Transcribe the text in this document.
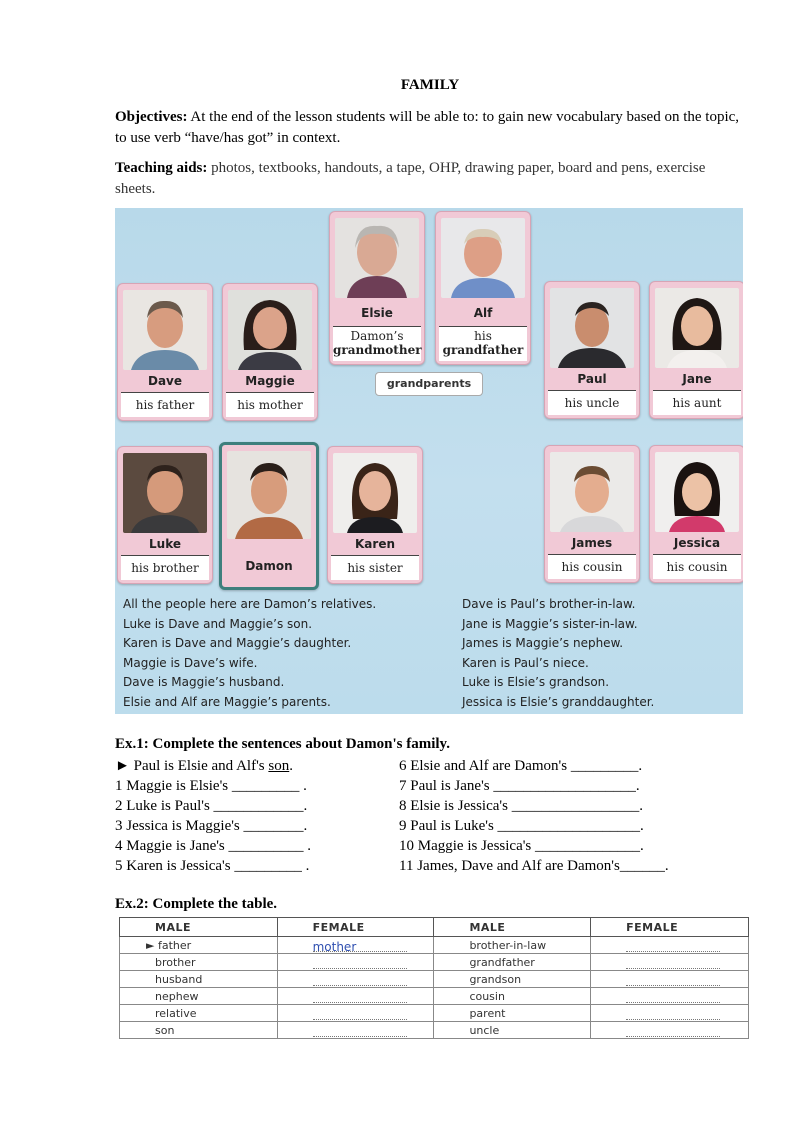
FAMILY
Objectives: At the end of the lesson students will be able to: to gain new vocabulary based on the topic, to use verb “have/has got” in context.
Teaching aids: photos, textbooks, handouts, a tape, OHP, drawing paper, board and pens, exercise sheets.
Elsie
Damon’s
grandmother
Alf
his
grandfather
grandparents
Dave
his father
Maggie
his mother
Paul
his uncle
Jane
his aunt
Luke
his brother	Damon
Karen
his sister
James
his cousin
Jessica
his cousin
All the people here are Damon’s relatives.
Luke is Dave and Maggie’s son.
Karen is Dave and Maggie’s daughter.
Maggie is Dave’s wife.
Dave is Maggie’s husband.
Elsie and Alf are Maggie’s parents.
Dave is Paul’s brother-in-law.
Jane is Maggie’s sister-in-law.
James is Maggie’s nephew.
Karen is Paul’s niece.
Luke is Elsie’s grandson.
Jessica is Elsie’s granddaughter.
Ex.1: Complete the sentences about Damon's family.
► Paul is Elsie and Alf's son.
1 Maggie is Elsie's _________ .
2 Luke is Paul's ____________.
3 Jessica is Maggie's ________.
4 Maggie is Jane's __________ .
5 Karen is Jessica's _________ .
6 Elsie and Alf are Damon's _________.
7 Paul is Jane's ___________________.
8 Elsie is Jessica's _________________.
9 Paul is Luke's ___________________.
10 Maggie is Jessica's ______________.
11 James, Dave and Alf are Damon's______.
Ex.2: Complete the table.
MALE	FEMALE	MALE	FEMALE
► father	mother	brother-in-law	
brother		grandfather	
husband		grandson	
nephew		cousin	
relative		parent	
son		uncle	
